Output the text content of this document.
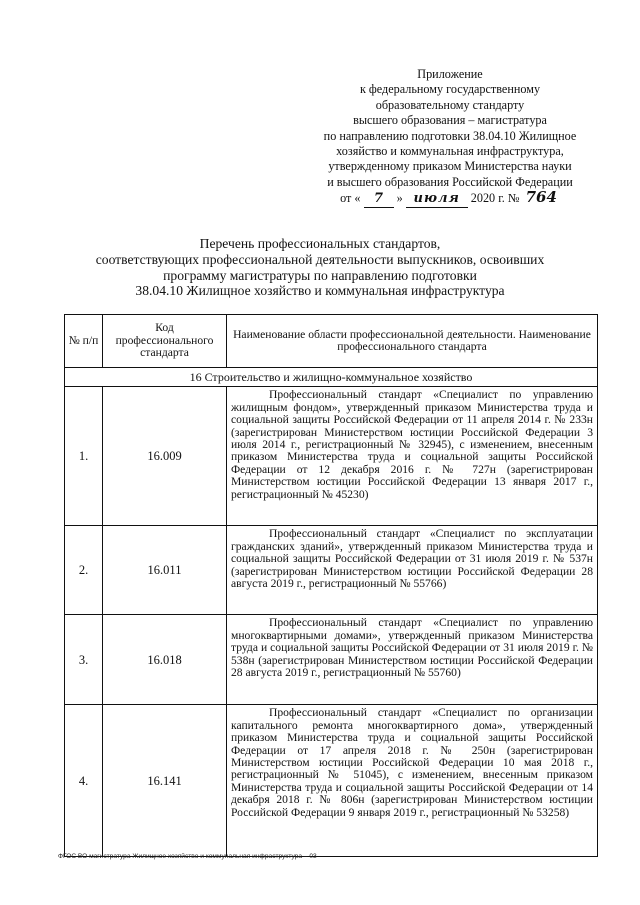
Приложение
к федеральному государственному
образовательному стандарту
высшего образования – магистратура
по направлению подготовки 38.04.10 Жилищное
хозяйство и коммунальная инфраструктура,
утвержденному приказом Министерства науки
и высшего образования Российской Федерации
от « 7 » июля 2020 г. № 764
Перечень профессиональных стандартов,
соответствующих профессиональной деятельности выпускников, освоивших
программу магистратуры по направлению подготовки
38.04.10 Жилищное хозяйство и коммунальная инфраструктура
№ п/п	Код профессионального стандарта	Наименование области профессиональной деятельности. Наименование профессионального стандарта
16 Строительство и жилищно-коммунальное хозяйство		
1.	16.009	Профессиональный стандарт «Специалист по управлению жилищным фондом», утвержденный приказом Министерства труда и социальной защиты Российской Федерации от 11 апреля 2014 г. № 233н (зарегистрирован Министерством юстиции Российской Федерации 3 июля 2014 г., регистрационный № 32945), с изменением, внесенным приказом Министерства труда и социальной защиты Российской Федерации от 12 декабря 2016 г. № 727н (зарегистрирован Министерством юстиции Российской Федерации 13 января 2017 г., регистрационный № 45230)

2.	16.011	Профессиональный стандарт «Специалист по эксплуатации гражданских зданий», утвержденный приказом Министерства труда и социальной защиты Российской Федерации от 31 июля 2019 г. № 537н (зарегистрирован Министерством юстиции Российской Федерации 28 августа 2019 г., регистрационный № 55766)

3.	16.018	Профессиональный стандарт «Специалист по управлению многоквартирными домами», утвержденный приказом Министерства труда и социальной защиты Российской Федерации от 31 июля 2019 г. № 538н (зарегистрирован Министерством юстиции Российской Федерации 28 августа 2019 г., регистрационный № 55760)

4.	16.141	Профессиональный стандарт «Специалист по организации капитального ремонта многоквартирного дома», утвержденный приказом Министерства труда и социальной защиты Российской Федерации от 17 апреля 2018 г. № 250н (зарегистрирован Министерством юстиции Российской Федерации 10 мая 2018 г., регистрационный № 51045), с изменением, внесенным приказом Министерства труда и социальной защиты Российской Федерации от 14 декабря 2018 г. № 806н (зарегистрирован Министерством юстиции Российской Федерации 9 января 2019 г., регистрационный № 53258)

ФГОС ВО магистратура Жилищное хозяйство и коммунальная инфраструктура – 03
